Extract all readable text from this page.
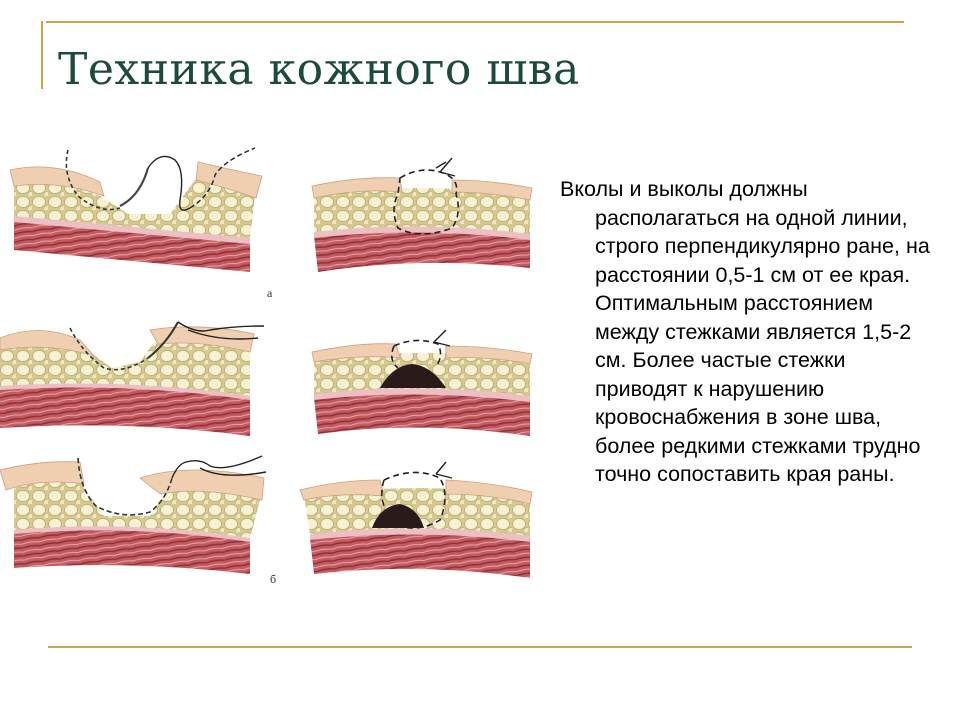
Техника кожного шва
а
б

Вколы и выколы должны располагаться на одной линии, строго перпендикулярно ране, на расстоянии 0,5-1 см от ее края. Оптимальным расстоянием между стежками является 1,5-2 см. Более частые стежки приводят к нарушению кровоснабжения в зоне шва, более редкими стежками трудно точно сопоставить края раны.
